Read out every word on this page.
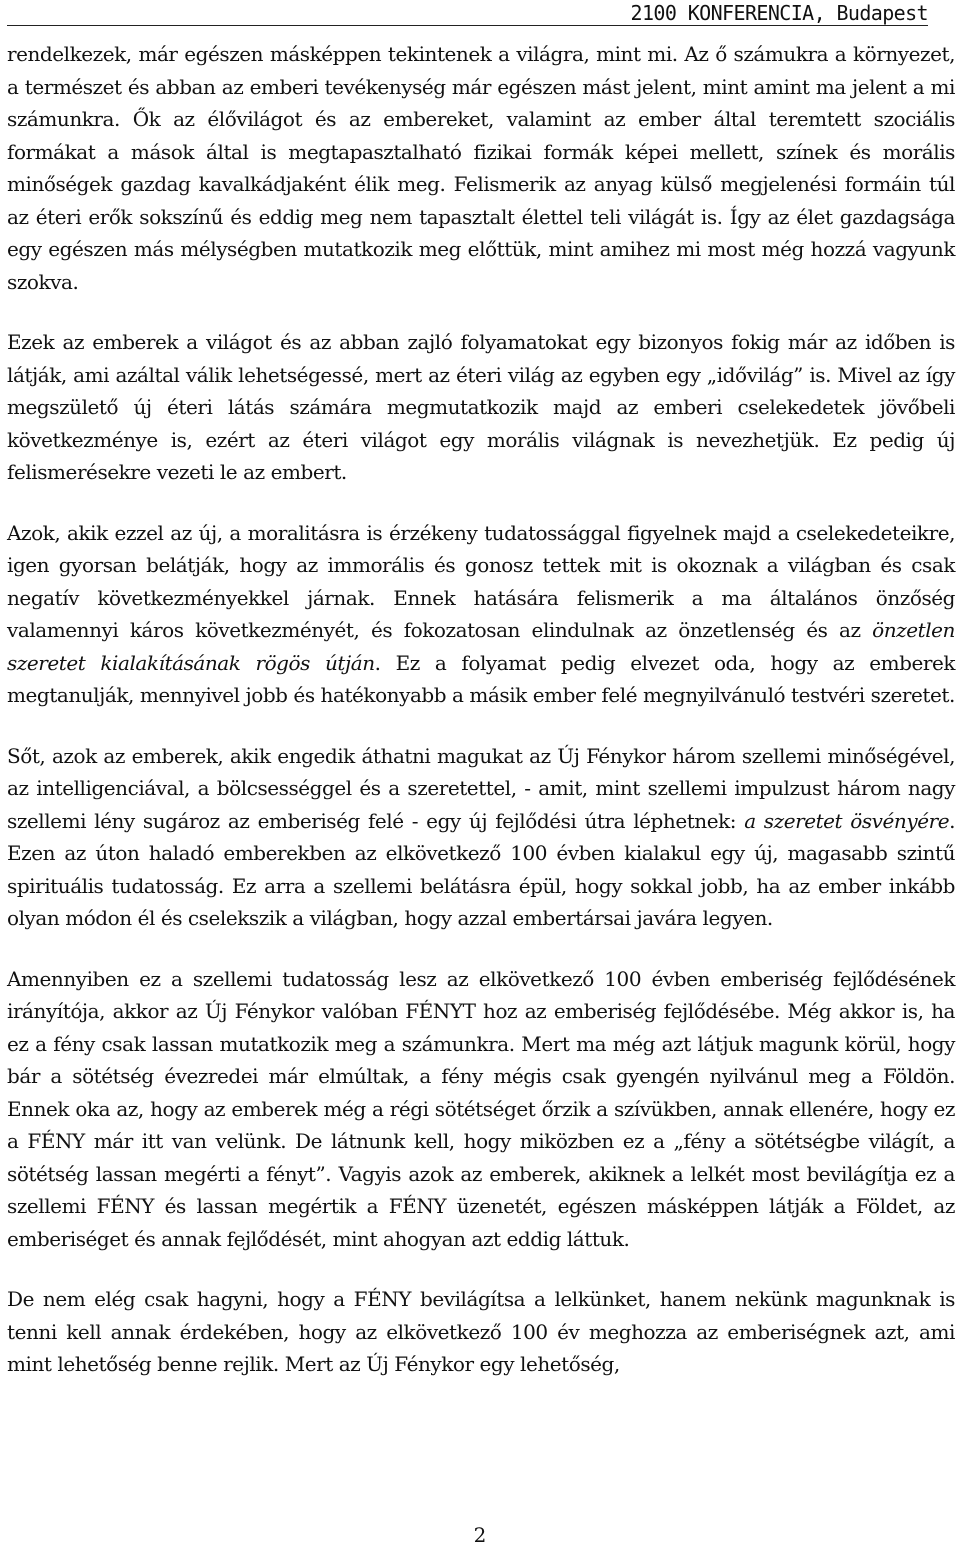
2100 KONFERENCIA, Budapest

rendelkezek, már egészen másképpen tekintenek a világra, mint mi. Az ő számukra a környezet, a természet és abban az emberi tevékenység már egészen mást jelent, mint amint ma jelent a mi számunkra. Ők az élővilágot és az embereket, valamint az ember által teremtett szociális formákat a mások által is megtapasztalható fizikai formák képei mellett, színek és morális minőségek gazdag kavalkádjaként élik meg. Felismerik az anyag külső megjelenési formáin túl az éteri erők sokszínű és eddig meg nem tapasztalt élettel teli világát is. Így az élet gazdagsága egy egészen más mélységben mutatkozik meg előttük, mint amihez mi most még hozzá vagyunk szokva.

Ezek az emberek a világot és az abban zajló folyamatokat egy bizonyos fokig már az időben is látják, ami azáltal válik lehetségessé, mert az éteri világ az egyben egy „idővilág” is. Mivel az így megszülető új éteri látás számára megmutatkozik majd az emberi cselekedetek jövőbeli következménye is, ezért az éteri világot egy morális világnak is nevezhetjük. Ez pedig új felismerésekre vezeti le az embert.

Azok, akik ezzel az új, a moralitásra is érzékeny tudatossággal figyelnek majd a cselekedeteikre, igen gyorsan belátják, hogy az immorális és gonosz tettek mit is okoznak a világban és csak negatív következményekkel járnak. Ennek hatására felismerik a ma általános önzőség valamennyi káros következményét, és fokozatosan elindulnak az önzetlenség és az önzetlen szeretet kialakításának rögös útján. Ez a folyamat pedig elvezet oda, hogy az emberek megtanulják, mennyivel jobb és hatékonyabb a másik ember felé megnyilvánuló testvéri szeretet.

Sőt, azok az emberek, akik engedik áthatni magukat az Új Fénykor három szellemi minőségével, az intelligenciával, a bölcsességgel és a szeretettel, - amit, mint szellemi impulzust három nagy szellemi lény sugároz az emberiség felé - egy új fejlődési útra léphetnek: a szeretet ösvényére. Ezen az úton haladó emberekben az elkövetkező 100 évben kialakul egy új, magasabb szintű spirituális tudatosság. Ez arra a szellemi belátásra épül, hogy sokkal jobb, ha az ember inkább olyan módon él és cselekszik a világban, hogy azzal embertársai javára legyen.

Amennyiben ez a szellemi tudatosság lesz az elkövetkező 100 évben emberiség fejlődésének irányítója, akkor az Új Fénykor valóban FÉNYT hoz az emberiség fejlődésébe. Még akkor is, ha ez a fény csak lassan mutatkozik meg a számunkra. Mert ma még azt látjuk magunk körül, hogy bár a sötétség évezredei már elmúltak, a fény mégis csak gyengén nyilvánul meg a Földön. Ennek oka az, hogy az emberek még a régi sötétséget őrzik a szívükben, annak ellenére, hogy ez a FÉNY már itt van velünk. De látnunk kell, hogy miközben ez a „fény a sötétségbe világít, a sötétség lassan megérti a fényt”. Vagyis azok az emberek, akiknek a lelkét most bevilágítja ez a szellemi FÉNY és lassan megértik a FÉNY üzenetét, egészen másképpen látják a Földet, az emberiséget és annak fejlődését, mint ahogyan azt eddig láttuk.

De nem elég csak hagyni, hogy a FÉNY bevilágítsa a lelkünket, hanem nekünk magunknak is tenni kell annak érdekében, hogy az elkövetkező 100 év meghozza az emberiségnek azt, ami mint lehetőség benne rejlik. Mert az Új Fénykor egy lehetőség,

2
